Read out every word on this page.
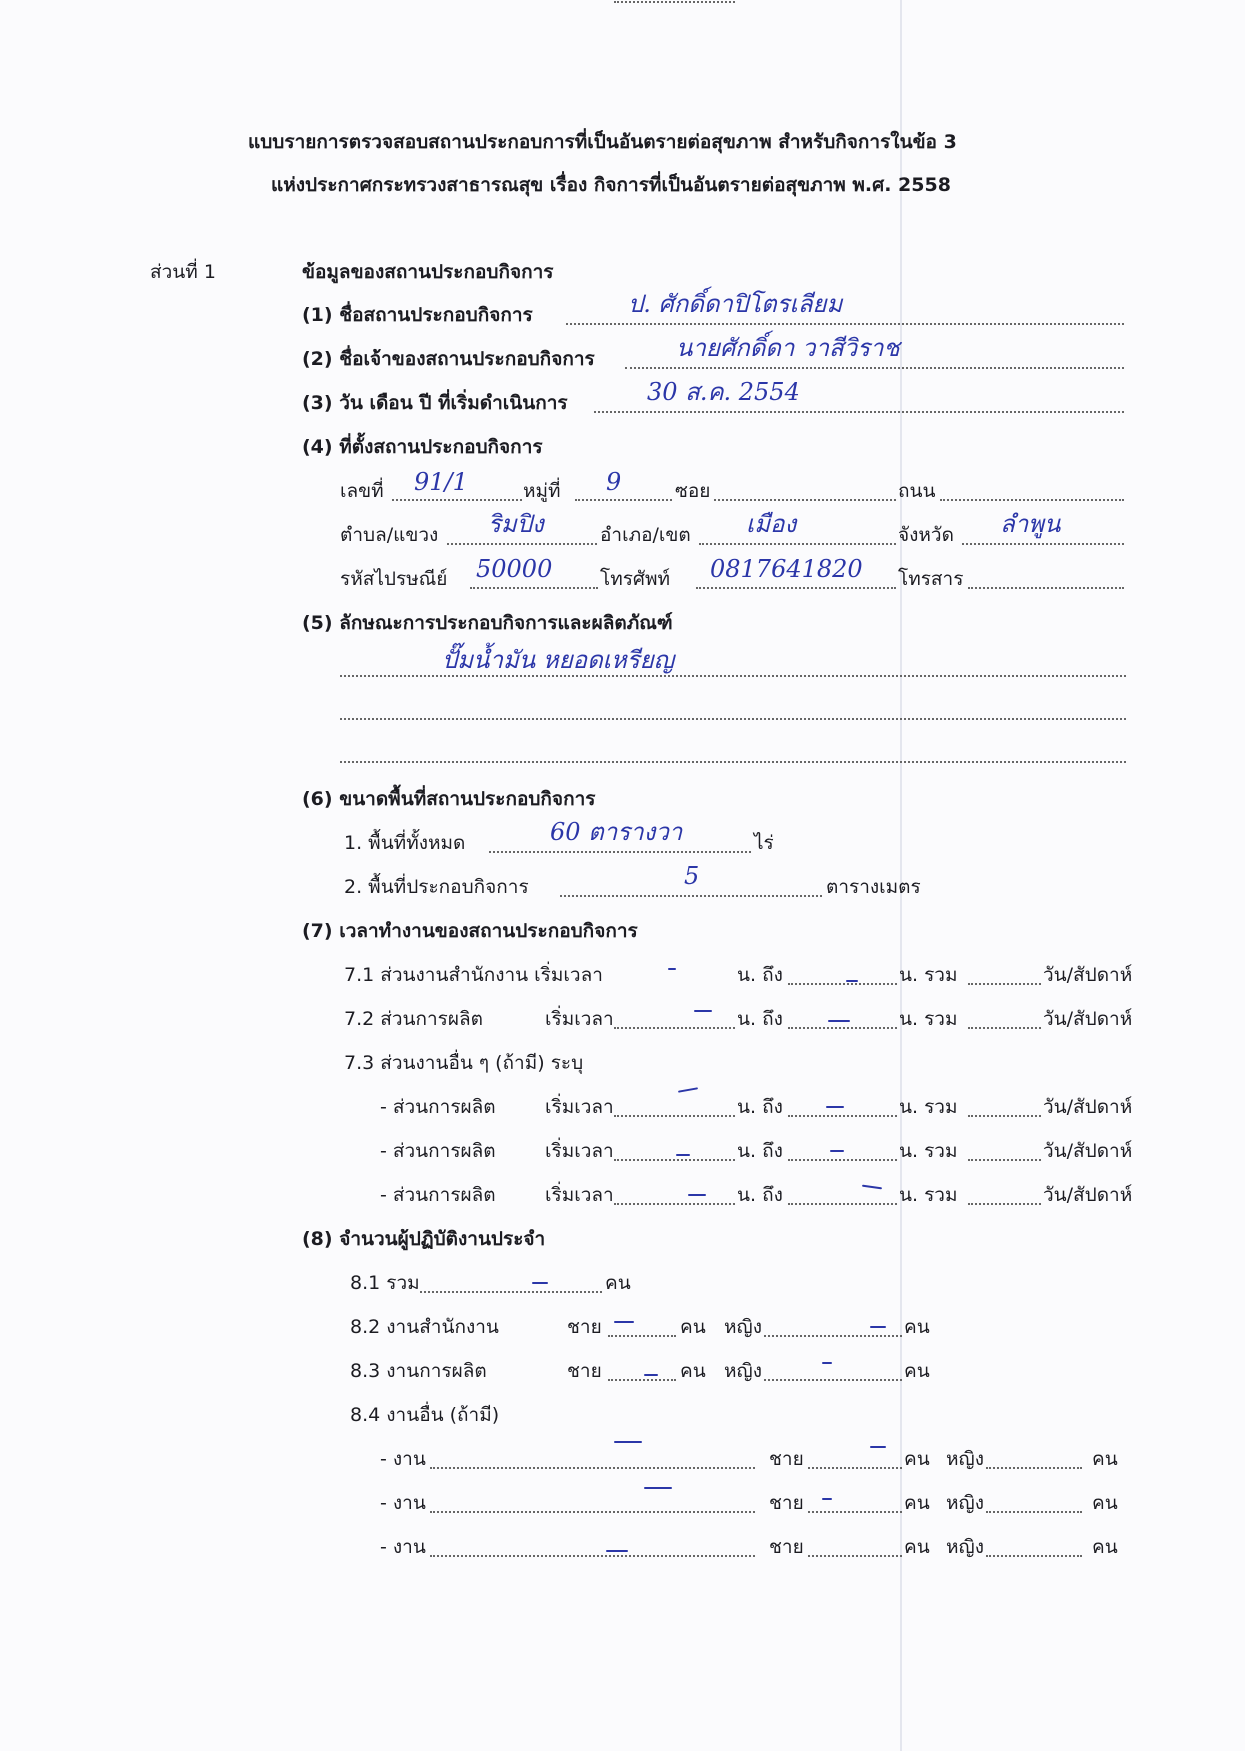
แบบรายการตรวจสอบสถานประกอบการที่เป็นอันตรายต่อสุขภาพ สำหรับกิจการในข้อ 3
แห่งประกาศกระทรวงสาธารณสุข เรื่อง กิจการที่เป็นอันตรายต่อสุขภาพ พ.ศ. 2558
ส่วนที่ 1	ข้อมูลของสถานประกอบกิจการ
(1) ชื่อสถานประกอบกิจการ	ป. ศักดิ์ดาปิโตรเลียม
(2) ชื่อเจ้าของสถานประกอบกิจการ	นายศักดิ์ดา วาสีวิราช
(3) วัน เดือน ปี ที่เริ่มดำเนินการ	30 ส.ค. 2554
(4) ที่ตั้งสถานประกอบกิจการ
เลขที่ 91/1	หมู่ที่ 9	ซอย	ถนน
ตำบล/แขวง ริมปิง	อำเภอ/เขต เมือง	จังหวัด ลำพูน
รหัสไปรษณีย์ 50000	โทรศัพท์ 0817641820 โทรสาร
(5) ลักษณะการประกอบกิจการและผลิตภัณฑ์
ปั๊มน้ำมัน หยอดเหรียญ
(6) ขนาดพื้นที่สถานประกอบกิจการ
1. พื้นที่ทั้งหมด	60 ตารางวา	ไร่
2. พื้นที่ประกอบกิจการ	5	ตารางเมตร
(7) เวลาทำงานของสถานประกอบกิจการ
7.1 ส่วนงานสำนักงาน เริ่มเวลา	น. ถึง	น. รวม	วัน/สัปดาห์
7.2 ส่วนการผลิต	เริ่มเวลา	น. ถึง	น. รวม	วัน/สัปดาห์
7.3 ส่วนงานอื่น ๆ (ถ้ามี) ระบุ
- ส่วนการผลิต	เริ่มเวลา	น. ถึง	น. รวม	วัน/สัปดาห์
- ส่วนการผลิต	เริ่มเวลา	น. ถึง	น. รวม	วัน/สัปดาห์
- ส่วนการผลิต	เริ่มเวลา	น. ถึง	น. รวม	วัน/สัปดาห์
(8) จำนวนผู้ปฏิบัติงานประจำ
8.1 รวม	คน
8.2 งานสำนักงาน	ชาย	คน หญิง	คน
8.3 งานการผลิต	ชาย	คน หญิง	คน
8.4 งานอื่น (ถ้ามี)
- งาน	ชาย	คน หญิง	คน
- งาน	ชาย	คน หญิง	คน
- งาน	ชาย	คน หญิง	คน
